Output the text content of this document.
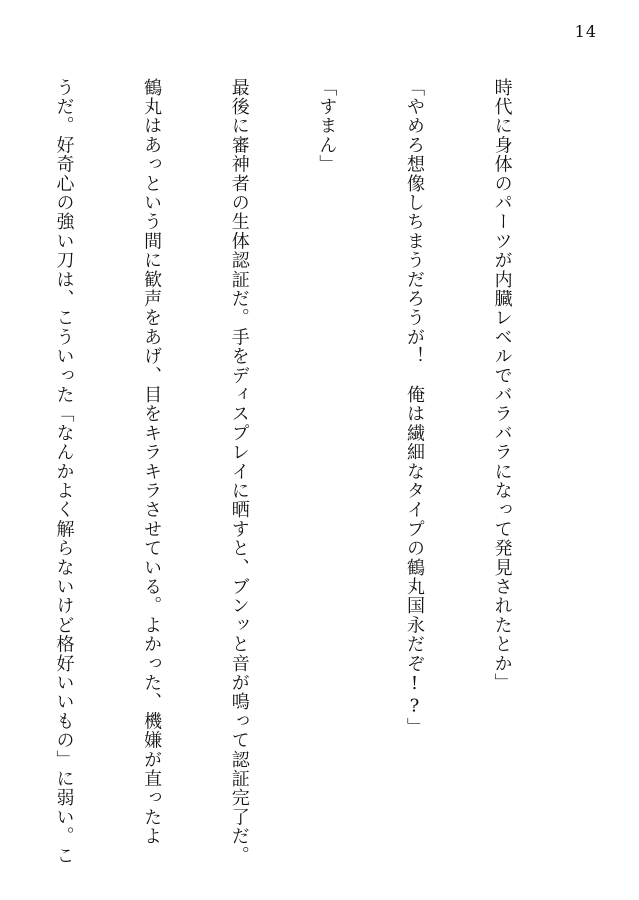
14

時代に身体のパーツが内臓レベルでバラバラになって発見されたとか」

「やめろ想像しちまうだろうが！　俺は繊細なタイプの鶴丸国永だぞ!?」

「すまん」

最後に審神者の生体認証だ。手をディスプレイに晒すと、ブンッと音が鳴って認証完了だ。

鶴丸はあっという間に歓声をあげ、目をキラキラさせている。よかった、機嫌が直ったよ

うだ。好奇心の強い刀は、こういった「なんかよく解らないけど格好いいもの」に弱い。こ
